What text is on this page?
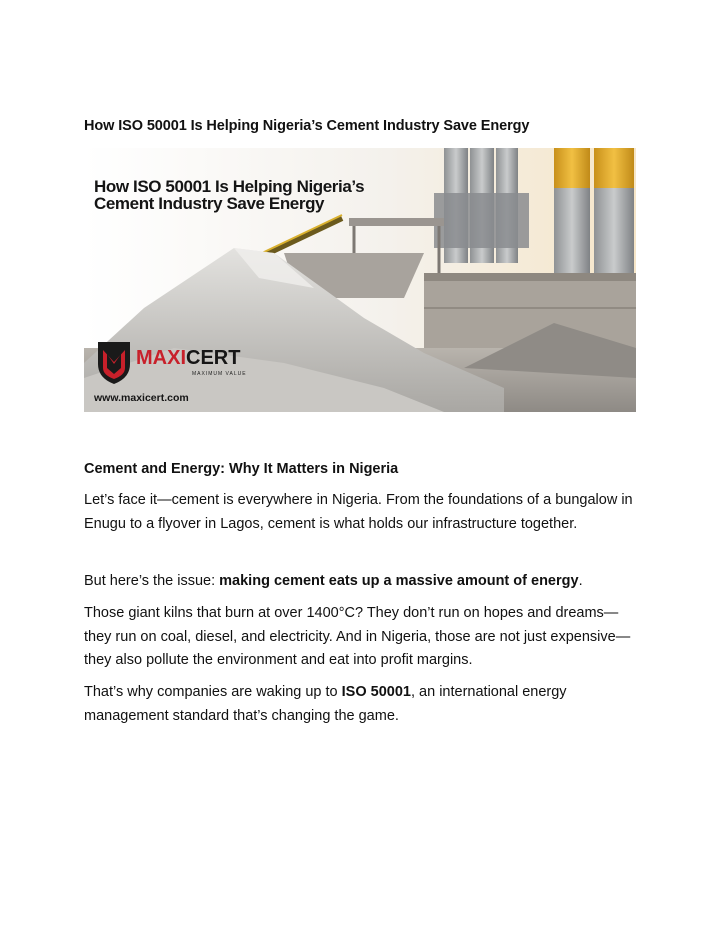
How ISO 50001 Is Helping Nigeria’s Cement Industry Save Energy
How ISO 50001 Is Helping Nigeria’s
Cement Industry Save Energy
MAXICERT
MAXIMUM VALUE
www.maxicert.com
Cement and Energy: Why It Matters in Nigeria

Let’s face it—cement is everywhere in Nigeria. From the foundations of a bungalow in Enugu to a flyover in Lagos, cement is what holds our infrastructure together.

But here’s the issue: making cement eats up a massive amount of energy.

Those giant kilns that burn at over 1400°C? They don’t run on hopes and dreams—they run on coal, diesel, and electricity. And in Nigeria, those are not just expensive—they also pollute the environment and eat into profit margins.

That’s why companies are waking up to ISO 50001, an international energy management standard that’s changing the game.
